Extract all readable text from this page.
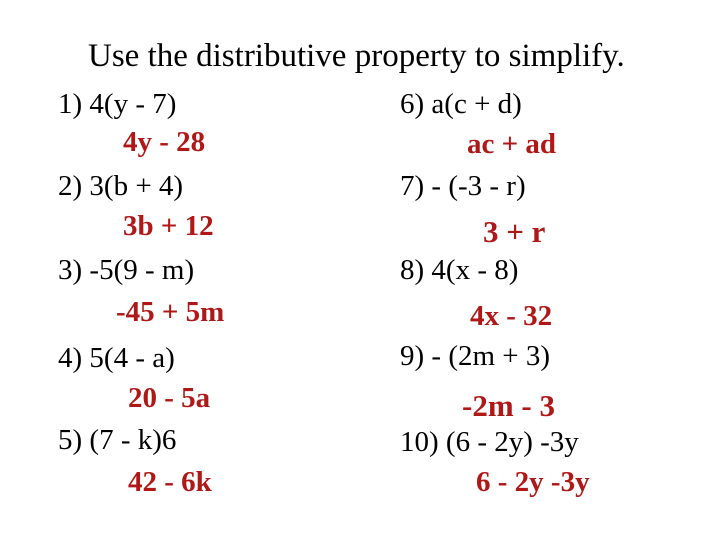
Use the distributive property to simplify.
1) 4(y - 7)
4y - 28
2) 3(b + 4)
3b + 12
3) -5(9 - m)
-45 + 5m
4) 5(4 - a)
20 - 5a
5) (7 - k)6
42 - 6k
6) a(c + d)
ac + ad
7) - (-3 - r)
3 + r
8) 4(x - 8)
4x - 32
9) - (2m + 3)
-2m - 3
10) (6 - 2y) -3y
6 - 2y -3y
